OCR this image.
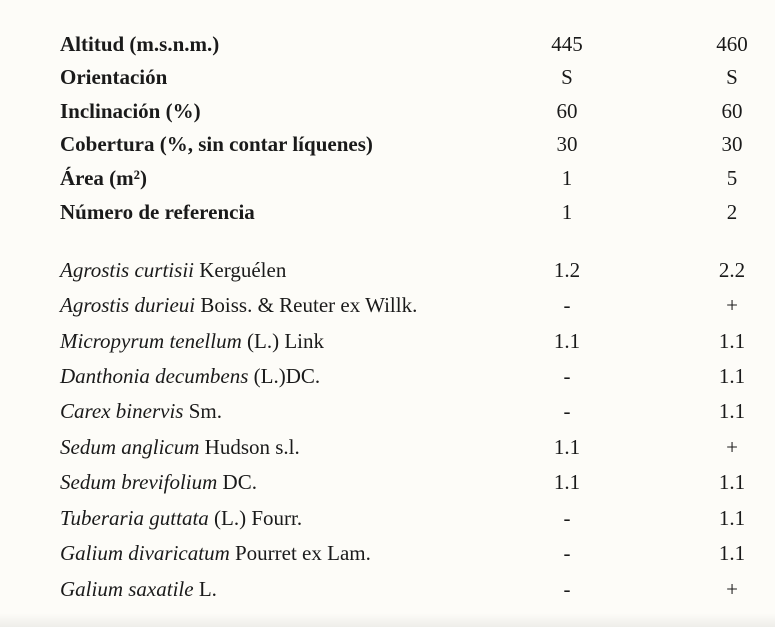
Altitud (m.s.n.m.)	445	460
Orientación	S	S
Inclinación (%)	60	60
Cobertura (%, sin contar líquenes)	30	30
Área (m²)	1	5
Número de referencia	1	2
Agrostis curtisii Kerguélen	1.2	2.2
Agrostis durieui Boiss. & Reuter ex Willk.	-	+
Micropyrum tenellum (L.) Link	1.1	1.1
Danthonia decumbens (L.)DC.	-	1.1
Carex binervis Sm.	-	1.1
Sedum anglicum Hudson s.l.	1.1	+
Sedum brevifolium DC.	1.1	1.1
Tuberaria guttata (L.) Fourr.	-	1.1
Galium divaricatum Pourret ex Lam.	-	1.1
Galium saxatile L.	-	+
